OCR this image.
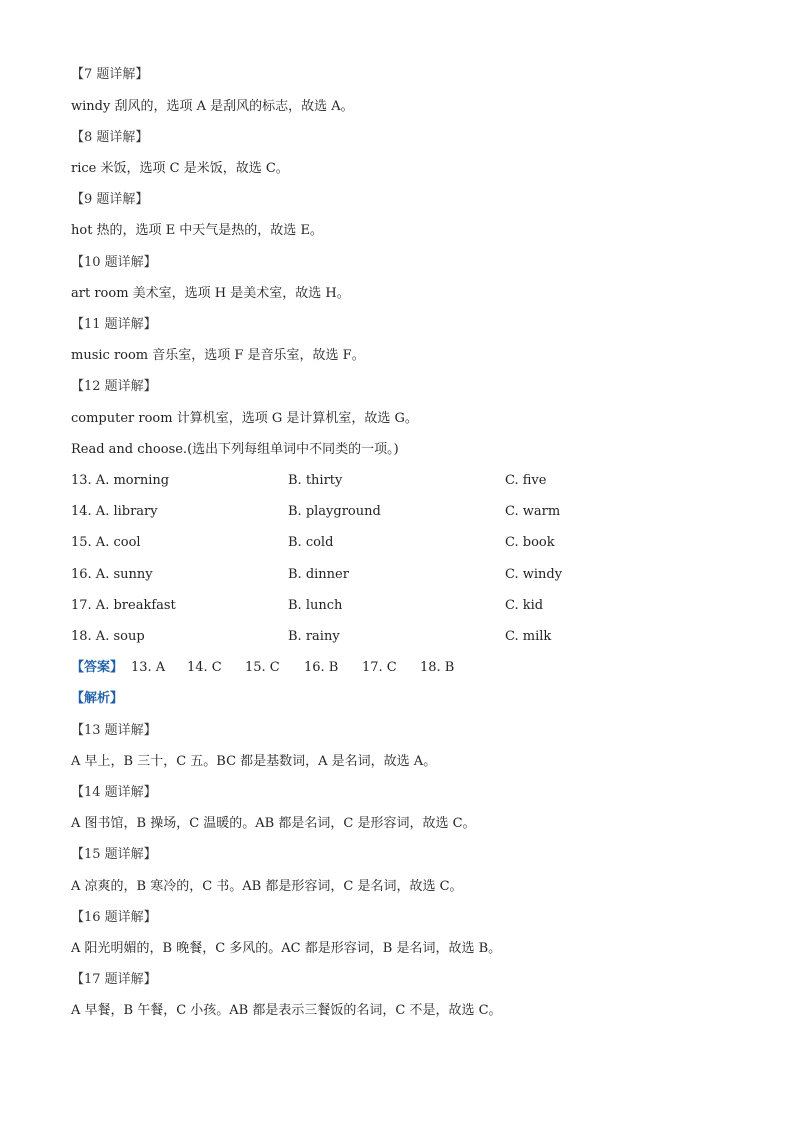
【7 题详解】
windy 刮风的，选项 A 是刮风的标志，故选 A。
【8 题详解】
rice 米饭，选项 C 是米饭，故选 C。
【9 题详解】
hot 热的，选项 E 中天气是热的，故选 E。
【10 题详解】
art room 美术室，选项 H 是美术室，故选 H。
【11 题详解】
music room 音乐室，选项 F 是音乐室，故选 F。
【12 题详解】
computer room 计算机室，选项 G 是计算机室，故选 G。
Read and choose.(选出下列每组单词中不同类的一项。)
13. A. morning	B. thirty	C. five
14. A. library	B. playground	C. warm
15. A. cool	B. cold	C. book
16. A. sunny	B. dinner	C. windy
17. A. breakfast	B. lunch	C. kid
18. A. soup	B. rainy	C. milk
【答案】 13. A 14. C 15. C 16. B 17. C 18. B
【解析】
【13 题详解】
A 早上，B 三十，C 五。BC 都是基数词，A 是名词，故选 A。
【14 题详解】
A 图书馆，B 操场，C 温暖的。AB 都是名词，C 是形容词，故选 C。
【15 题详解】
A 凉爽的，B 寒冷的，C 书。AB 都是形容词，C 是名词，故选 C。
【16 题详解】
A 阳光明媚的，B 晚餐，C 多风的。AC 都是形容词，B 是名词，故选 B。
【17 题详解】
A 早餐，B 午餐，C 小孩。AB 都是表示三餐饭的名词，C 不是，故选 C。
